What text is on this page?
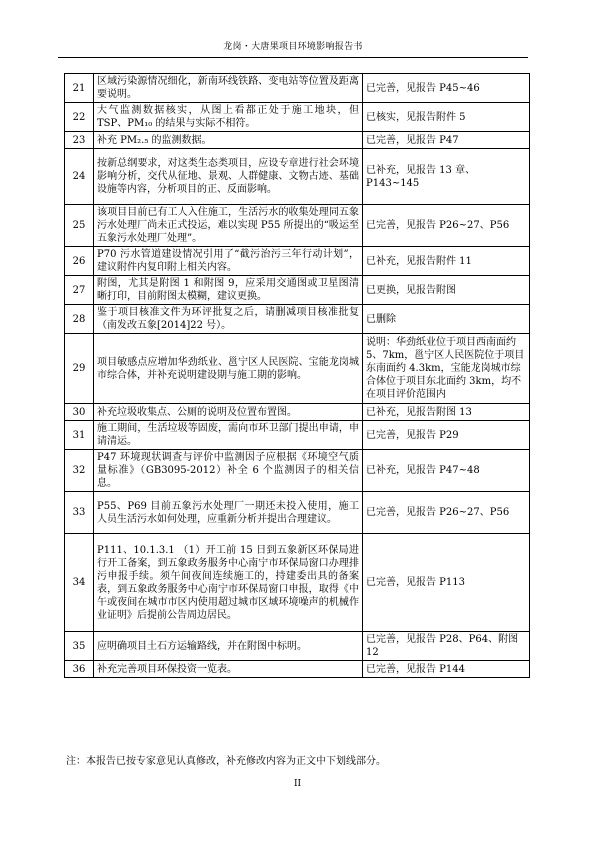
龙岗・大唐果项目环境影响报告书
21	区域污染源情况细化，新南环线铁路、变电站等位置及距离要说明。	已完善，见报告 P45~46
22	大气监测数据核实，从图上看都正处于施工地块，但 TSP、PM₁₀ 的结果与实际不相符。	已核实，见报告附件 5
23	补充 PM₂.₅ 的监测数据。	已完善，见报告 P47
24	按新总纲要求，对这类生态类项目，应设专章进行社会环境影响分析，交代从征地、景观、人群健康、文物古迹、基础设施等内容，分析项目的正、反面影响。	已补充，见报告 13 章、P143~145
25	该项目目前已有工人入住施工，生活污水的收集处理同五象污水处理厂尚未正式投运，难以实现 P55 所提出的“吸运至五象污水处理厂处理”。	已完善，见报告 P26~27、P56
26	P70 污水管道建设情况引用了“截污治污三年行动计划”，建议附件内复印附上相关内容。	已补充，见报告附件 11
27	附图，尤其是附图 1 和附图 9，应采用交通图或卫星图清晰打印，目前附图太模糊，建议更换。	已更换，见报告附图
28	鉴于项目核准文件为环评批复之后，请删减项目核准批复（南发改五象[2014]22 号）。	已删除
29	项目敏感点应增加华劲纸业、邕宁区人民医院、宝能龙岗城市综合体，并补充说明建设期与施工期的影响。	说明：华劲纸业位于项目西南面约 5、7km，邕宁区人民医院位于项目东南面约 4.3km，宝能龙岗城市综合体位于项目东北面约 3km，均不在项目评价范围内
30	补充垃圾收集点、公厕的说明及位置布置图。	已补充，见报告附图 13
31	施工期间，生活垃圾等固废，需向市环卫部门提出申请，申请清运。	已完善，见报告 P29
32	P47 环境现状调查与评价中监测因子应根据《环境空气质量标准》（GB3095-2012）补全 6 个监测因子的相关信息。	已补充，见报告 P47~48
33	P55、P69 目前五象污水处理厂一期还未投入使用，施工人员生活污水如何处理，应重新分析并提出合理建议。	已完善，见报告 P26~27、P56
34	P111、10.1.3.1 （1）开工前 15 日到五象新区环保局进行开工备案，到五象政务服务中心南宁市环保局窗口办理排污申报手续。须午间夜间连续施工的，持建委出具的备案表，到五象政务服务中心南宁市环保局窗口申报，取得《中午或夜间在城市市区内使用超过城市区域环境噪声的机械作业证明》后提前公告周边居民。	已完善，见报告 P113
35	应明确项目土石方运输路线，并在附图中标明。	已完善，见报告 P28、P64、附图 12
36	补充完善项目环保投资一览表。	已完善，见报告 P144
注：本报告已按专家意见认真修改，补充修改内容为正文中下划线部分。
II
